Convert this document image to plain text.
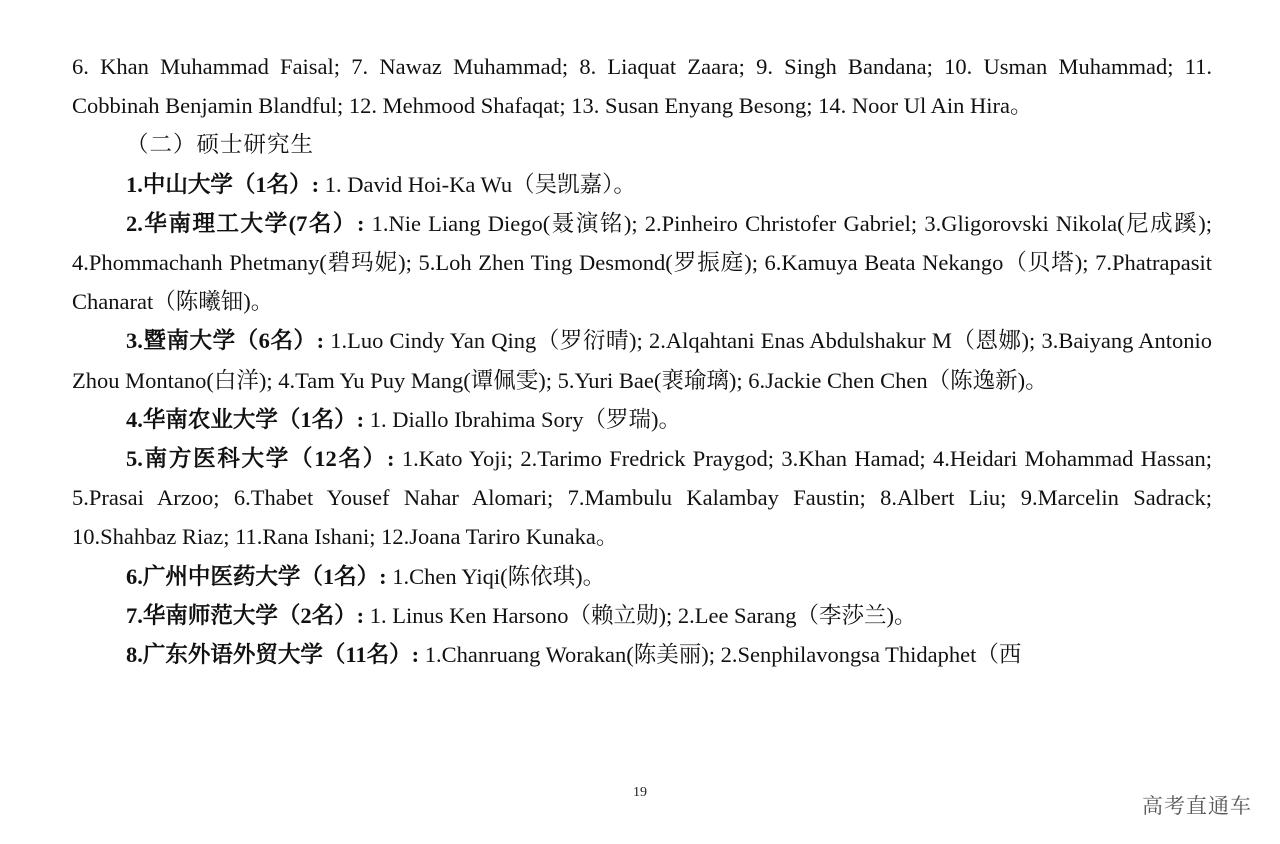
6. Khan Muhammad Faisal; 7. Nawaz Muhammad; 8. Liaquat Zaara; 9. Singh Bandana; 10. Usman Muhammad; 11. Cobbinah Benjamin Blandful; 12. Mehmood Shafaqat; 13. Susan Enyang Besong; 14. Noor Ul Ain Hira。

（二）硕士研究生

1.中山大学（1名）: 1. David Hoi-Ka Wu（吴凯嘉）。

2.华南理工大学(7名）: 1.Nie Liang Diego(聂演铭); 2.Pinheiro Christofer Gabriel; 3.Gligorovski Nikola(尼成蹊); 4.Phommachanh Phetmany(碧玛妮); 5.Loh Zhen Ting Desmond(罗振庭); 6.Kamuya Beata Nekango（贝塔); 7.Phatrapasit Chanarat（陈曦钿)。

3.暨南大学（6名）: 1.Luo Cindy Yan Qing（罗衍晴); 2.Alqahtani Enas Abdulshakur M（恩娜); 3.Baiyang Antonio Zhou Montano(白洋); 4.Tam Yu Puy Mang(谭佩雯); 5.Yuri Bae(裵瑜璃); 6.Jackie Chen Chen（陈逸新)。

4.华南农业大学（1名）: 1. Diallo Ibrahima Sory（罗瑞)。

5.南方医科大学（12名）: 1.Kato Yoji; 2.Tarimo Fredrick Praygod; 3.Khan Hamad; 4.Heidari Mohammad Hassan; 5.Prasai Arzoo; 6.Thabet Yousef Nahar Alomari; 7.Mambulu Kalambay Faustin; 8.Albert Liu; 9.Marcelin Sadrack; 10.Shahbaz Riaz; 11.Rana Ishani; 12.Joana Tariro Kunaka。

6.广州中医药大学（1名）: 1.Chen Yiqi(陈依琪)。

7.华南师范大学（2名）: 1. Linus Ken Harsono（赖立勋); 2.Lee Sarang（李莎兰)。

8.广东外语外贸大学（11名）: 1.Chanruang Worakan(陈美丽); 2.Senphilavongsa Thidaphet（西

19
高考直通车
